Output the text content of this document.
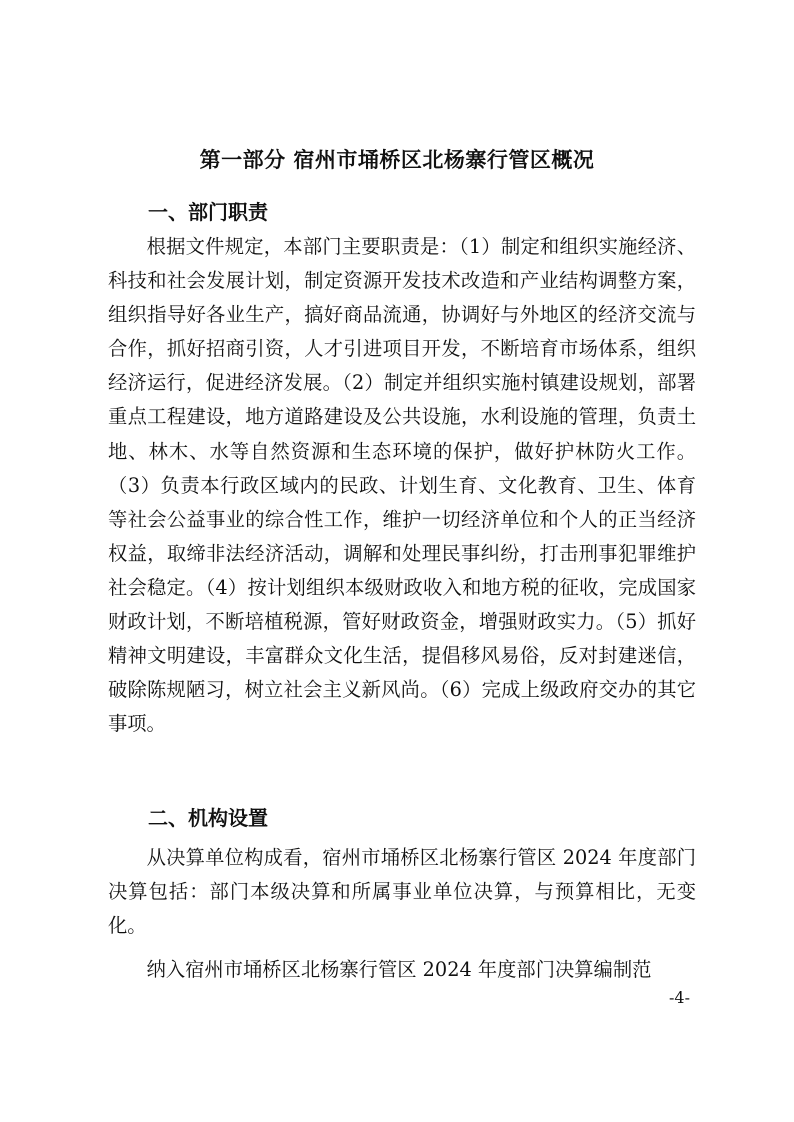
第一部分 宿州市埇桥区北杨寨行管区概况
一、部门职责

根据文件规定，本部门主要职责是：（1）制定和组织实施经济、科技和社会发展计划，制定资源开发技术改造和产业结构调整方案，组织指导好各业生产，搞好商品流通，协调好与外地区的经济交流与合作，抓好招商引资，人才引进项目开发，不断培育市场体系，组织经济运行，促进经济发展。（2）制定并组织实施村镇建设规划，部署重点工程建设，地方道路建设及公共设施，水利设施的管理，负责土地、林木、水等自然资源和生态环境的保护，做好护林防火工作。（3）负责本行政区域内的民政、计划生育、文化教育、卫生、体育等社会公益事业的综合性工作，维护一切经济单位和个人的正当经济权益，取缔非法经济活动，调解和处理民事纠纷，打击刑事犯罪维护社会稳定。（4）按计划组织本级财政收入和地方税的征收，完成国家财政计划，不断培植税源，管好财政资金，增强财政实力。（5）抓好精神文明建设，丰富群众文化生活，提倡移风易俗，反对封建迷信，破除陈规陋习，树立社会主义新风尚。（6）完成上级政府交办的其它事项。

二、机构设置

从决算单位构成看，宿州市埇桥区北杨寨行管区 2024 年度部门决算包括：部门本级决算和所属事业单位决算，与预算相比，无变化。

纳入宿州市埇桥区北杨寨行管区 2024 年度部门决算编制范

-4-
